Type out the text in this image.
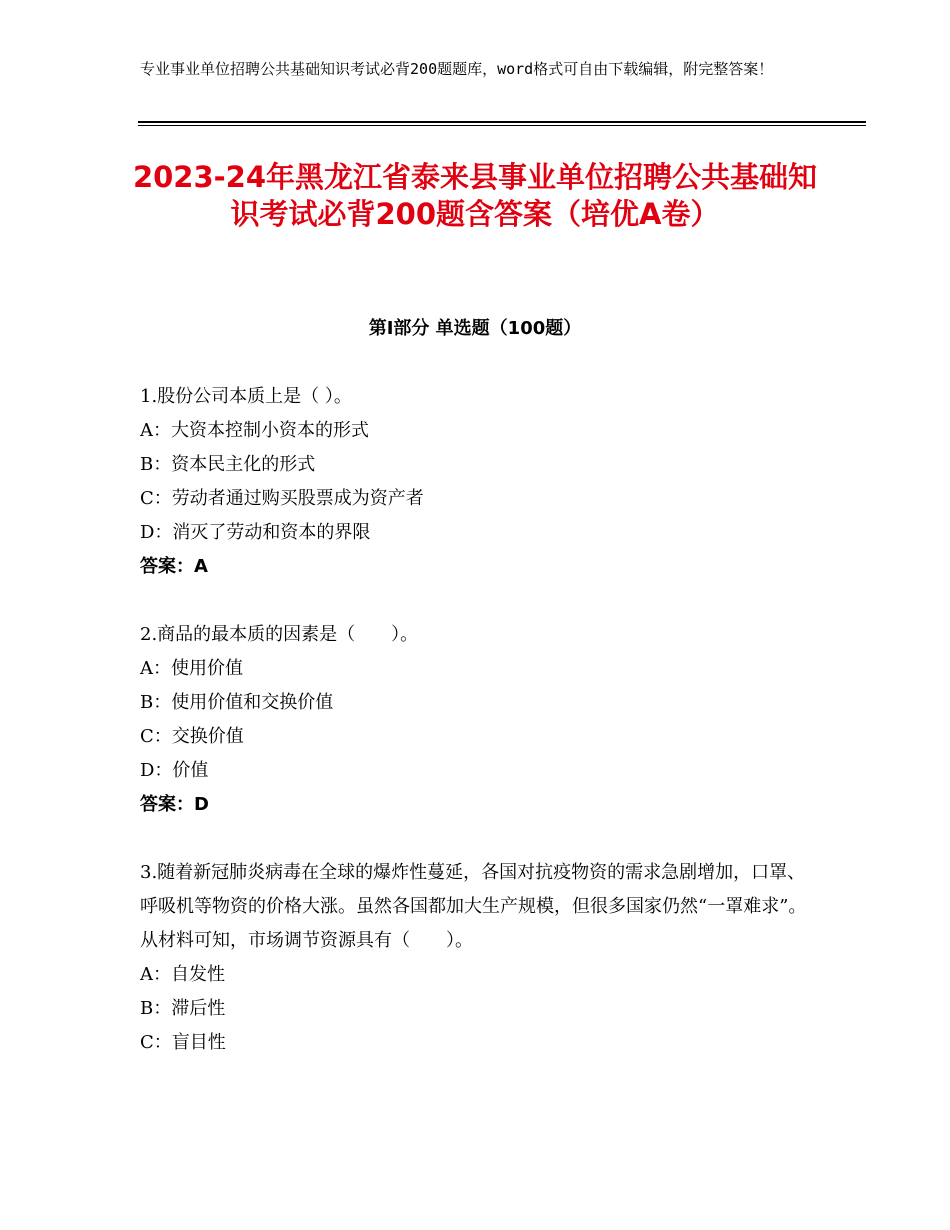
专业事业单位招聘公共基础知识考试必背200题题库，word格式可自由下载编辑，附完整答案！
2023-24年黑龙江省泰来县事业单位招聘公共基础知识考试必背200题含答案（培优A卷）
第Ⅰ部分 单选题（100题）

1.股份公司本质上是（ ）。

A：大资本控制小资本的形式
B：资本民主化的形式
C：劳动者通过购买股票成为资产者
D：消灭了劳动和资本的界限
答案：A

2.商品的最本质的因素是（　　）。

A：使用价值
B：使用价值和交换价值
C：交换价值
D：价值
答案：D

3.随着新冠肺炎病毒在全球的爆炸性蔓延，各国对抗疫物资的需求急剧增加，口罩、呼吸机等物资的价格大涨。虽然各国都加大生产规模，但很多国家仍然“一罩难求”。从材料可知，市场调节资源具有（　　）。

A：自发性
B：滞后性
C：盲目性
